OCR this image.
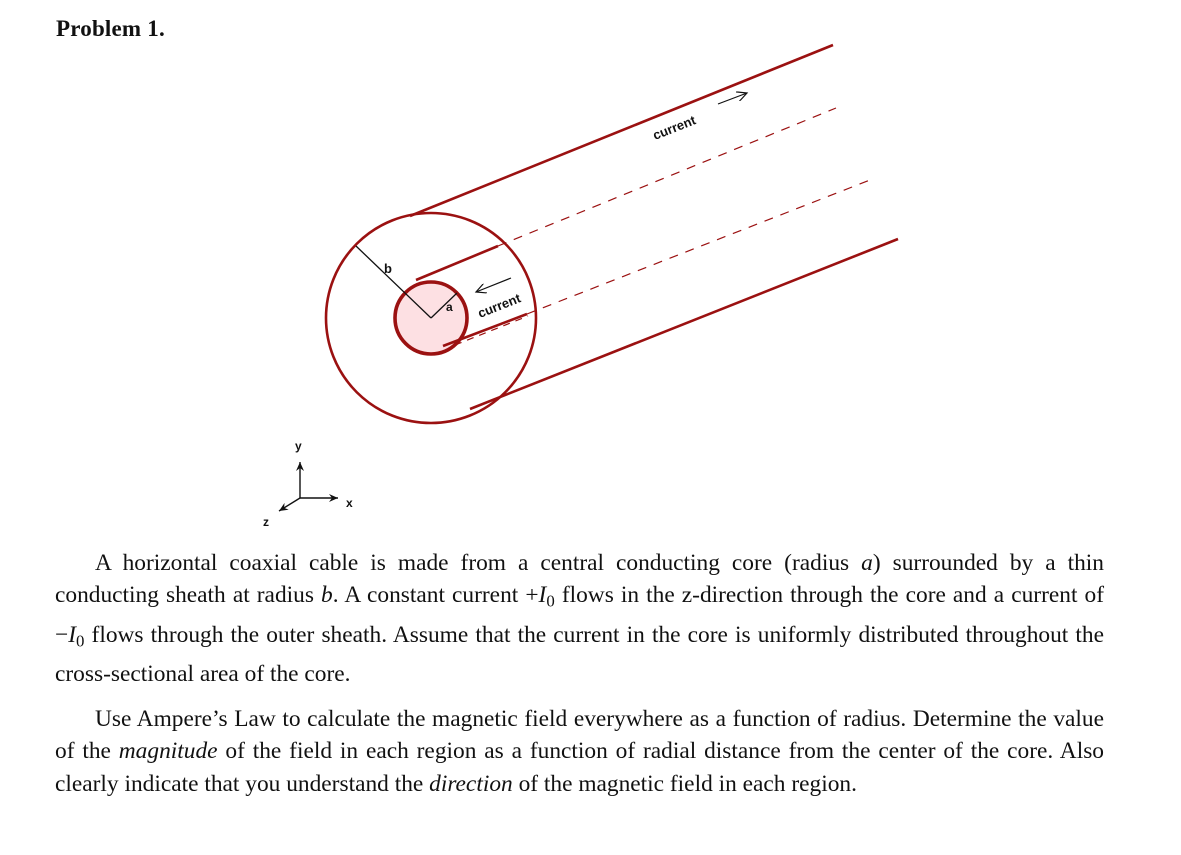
Problem 1.
b
a
current
current
y
x
z

A horizontal coaxial cable is made from a central conducting core (radius a) surrounded by a thin conducting sheath at radius b. A constant current $+I_0$ flows in the z-direction through the core and a current of $-I_0$ flows through the outer sheath. Assume that the current in the core is uniformly distributed throughout the cross-sectional area of the core.

Use Ampere’s Law to calculate the magnetic field everywhere as a function of radius. Determine the value of the magnitude of the field in each region as a function of radial distance from the center of the core. Also clearly indicate that you understand the direction of the magnetic field in each region.
